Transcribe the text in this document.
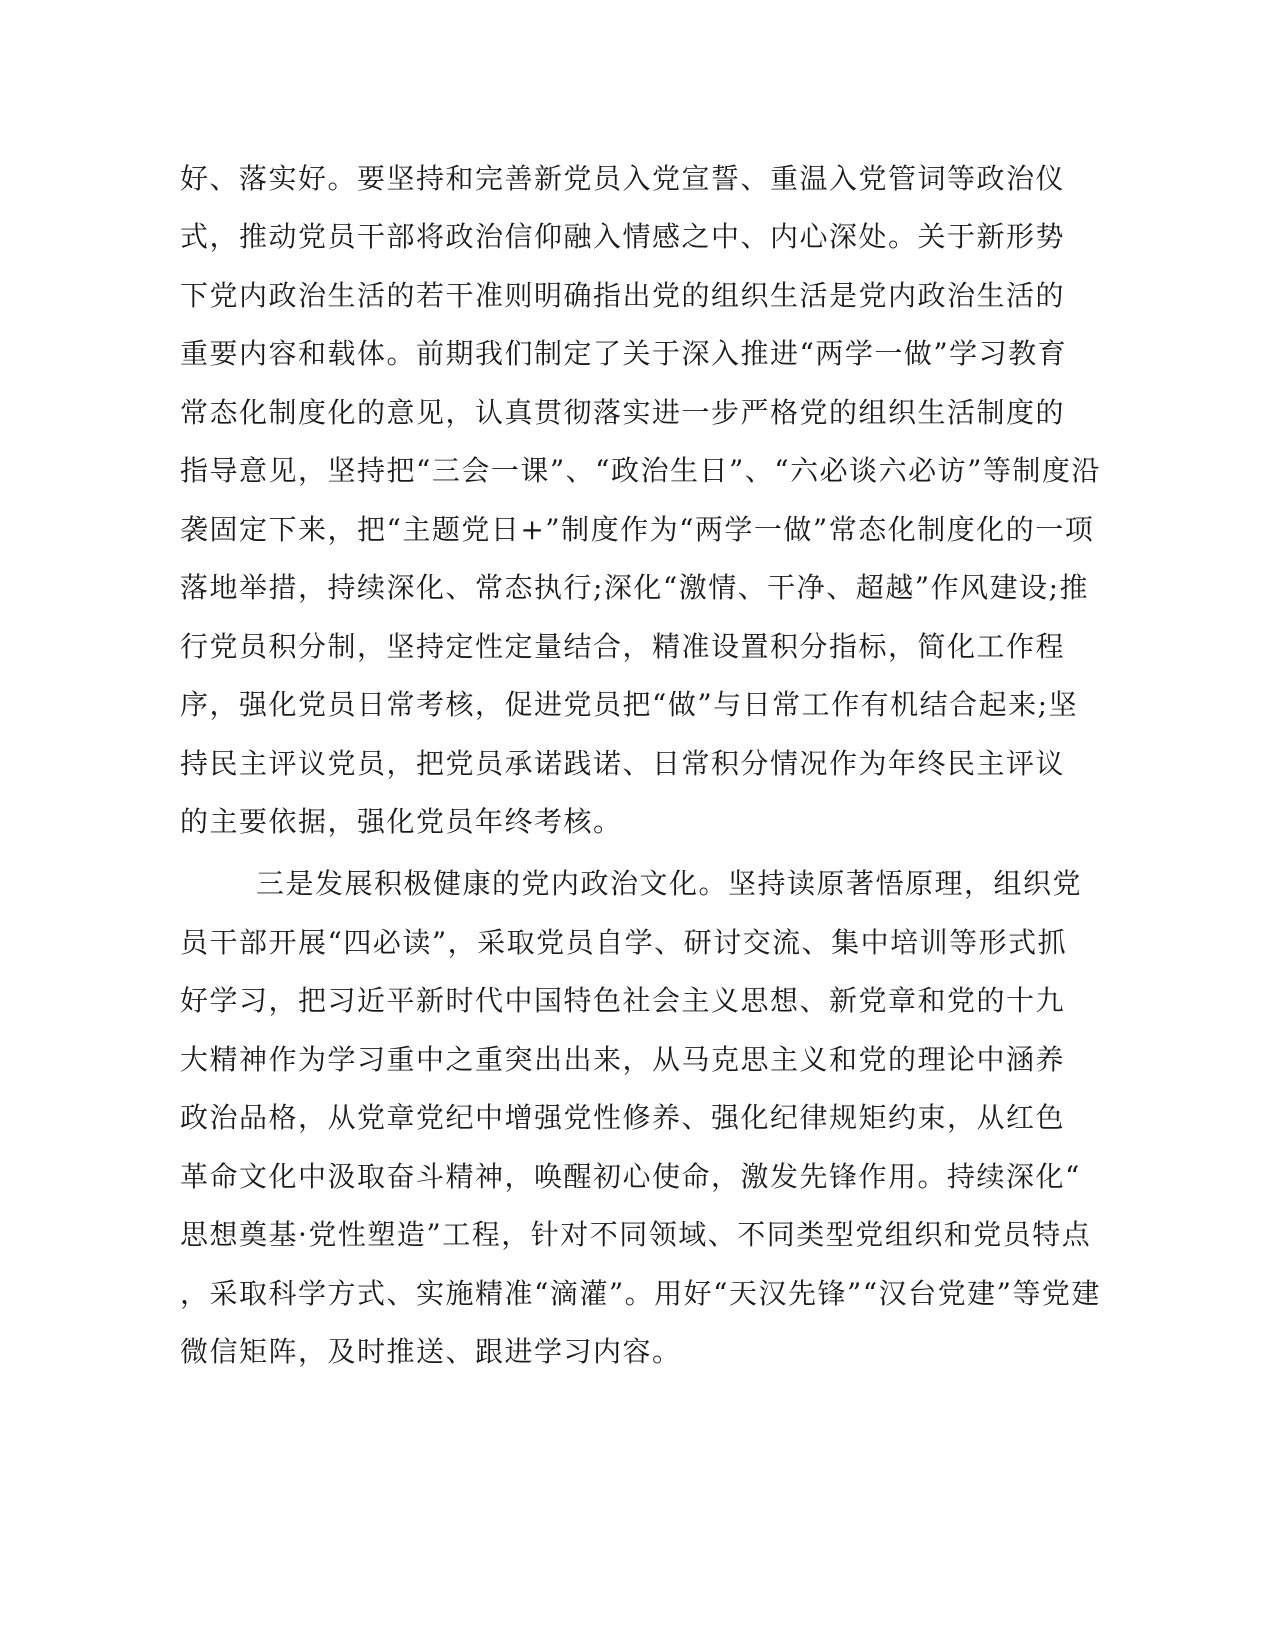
好、落实好。要坚持和完善新党员入党宣誓、重温入党管词等政治仪
式，推动党员干部将政治信仰融入情感之中、内心深处。关于新形势
下党内政治生活的若干准则明确指出党的组织生活是党内政治生活的
重要内容和载体。前期我们制定了关于深入推进“两学一做”学习教育
常态化制度化的意见，认真贯彻落实进一步严格党的组织生活制度的
指导意见，坚持把“三会一课”、“政治生日”、“六必谈六必访”等制度沿
袭固定下来，把“主题党日+”制度作为“两学一做”常态化制度化的一项
落地举措，持续深化、常态执行;深化“激情、干净、超越”作风建设;推
行党员积分制，坚持定性定量结合，精准设置积分指标，简化工作程
序，强化党员日常考核，促进党员把“做”与日常工作有机结合起来;坚
持民主评议党员，把党员承诺践诺、日常积分情况作为年终民主评议
的主要依据，强化党员年终考核。
三是发展积极健康的党内政治文化。坚持读原著悟原理，组织党
员干部开展“四必读”，采取党员自学、研讨交流、集中培训等形式抓
好学习，把习近平新时代中国特色社会主义思想、新党章和党的十九
大精神作为学习重中之重突出出来，从马克思主义和党的理论中涵养
政治品格，从党章党纪中增强党性修养、强化纪律规矩约束，从红色
革命文化中汲取奋斗精神，唤醒初心使命，激发先锋作用。持续深化“
思想奠基·党性塑造”工程，针对不同领域、不同类型党组织和党员特点
，采取科学方式、实施精准“滴灌”。用好“天汉先锋”“汉台党建”等党建
微信矩阵，及时推送、跟进学习内容。
